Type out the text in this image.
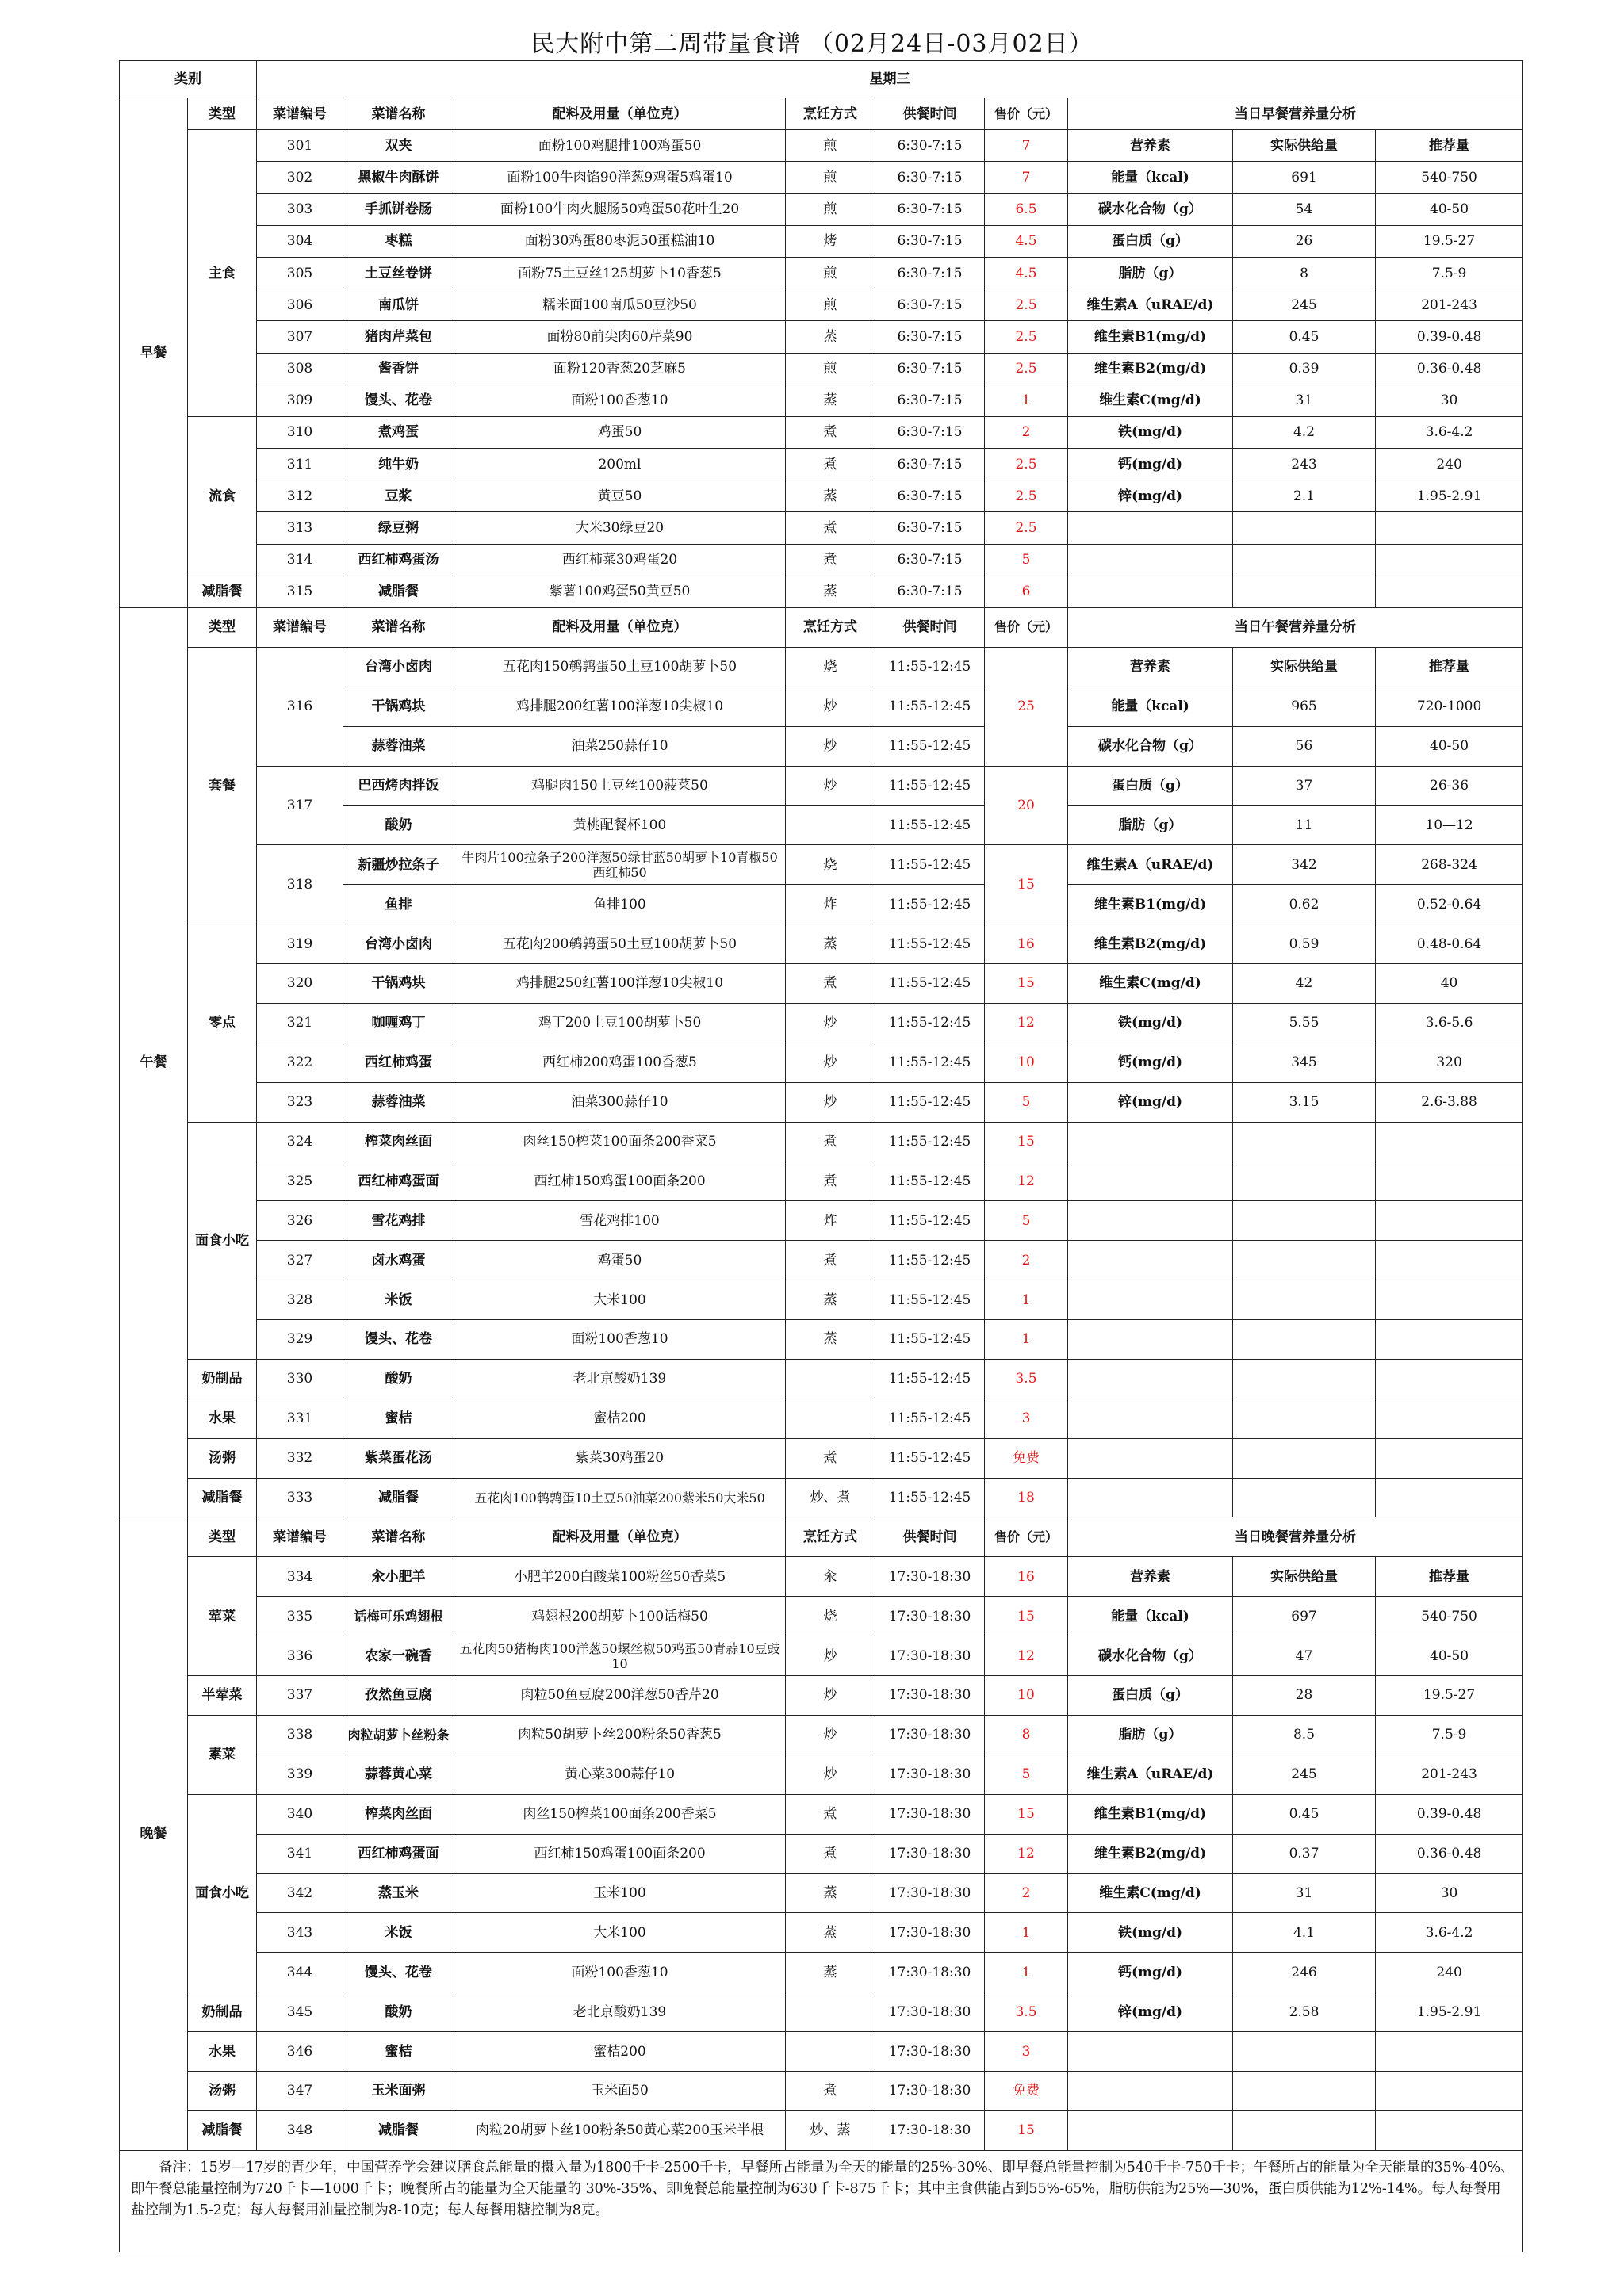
民大附中第二周带量食谱 （02月24日-03月02日）
类别		星期三								
早餐	类型	菜谱编号	菜谱名称	配料及用量（单位克）	烹饪方式	供餐时间	售价（元）	当日早餐营养量分析		
	主食	301	双夹	面粉100鸡腿排100鸡蛋50	煎	6:30-7:15	7	营养素	实际供给量	推荐量
		302	黑椒牛肉酥饼	面粉100牛肉馅90洋葱9鸡蛋5鸡蛋10	煎	6:30-7:15	7	能量（kcal)	691	540-750
		303	手抓饼卷肠	面粉100牛肉火腿肠50鸡蛋50花叶生20	煎	6:30-7:15	6.5	碳水化合物（g）	54	40-50
		304	枣糕	面粉30鸡蛋80枣泥50蛋糕油10	烤	6:30-7:15	4.5	蛋白质（g）	26	19.5-27
		305	土豆丝卷饼	面粉75土豆丝125胡萝卜10香葱5	煎	6:30-7:15	4.5	脂肪（g）	8	7.5-9
		306	南瓜饼	糯米面100南瓜50豆沙50	煎	6:30-7:15	2.5	维生素A（uRAE/d)	245	201-243
		307	猪肉芹菜包	面粉80前尖肉60芹菜90	蒸	6:30-7:15	2.5	维生素B1(mg/d)	0.45	0.39-0.48
		308	酱香饼	面粉120香葱20芝麻5	煎	6:30-7:15	2.5	维生素B2(mg/d)	0.39	0.36-0.48
		309	馒头、花卷	面粉100香葱10	蒸	6:30-7:15	1	维生素C(mg/d)	31	30
	流食	310	煮鸡蛋	鸡蛋50	煮	6:30-7:15	2	铁(mg/d)	4.2	3.6-4.2
		311	纯牛奶	200ml	煮	6:30-7:15	2.5	钙(mg/d)	243	240
		312	豆浆	黄豆50	蒸	6:30-7:15	2.5	锌(mg/d)	2.1	1.95-2.91
		313	绿豆粥	大米30绿豆20	煮	6:30-7:15	2.5			
		314	西红柿鸡蛋汤	西红柿菜30鸡蛋20	煮	6:30-7:15	5			
	减脂餐	315	减脂餐	紫薯100鸡蛋50黄豆50	蒸	6:30-7:15	6			

午餐	类型	菜谱编号	菜谱名称	配料及用量（单位克）	烹饪方式	供餐时间	售价（元）	当日午餐营养量分析		
	套餐	316	台湾小卤肉	五花肉150鹌鹑蛋50土豆100胡萝卜50	烧	11:55-12:45	25	营养素	实际供给量	推荐量
			干锅鸡块	鸡排腿200红薯100洋葱10尖椒10	炒	11:55-12:45		能量（kcal)	965	720-1000
			蒜蓉油菜	油菜250蒜仔10	炒	11:55-12:45		碳水化合物（g）	56	40-50
		317	巴西烤肉拌饭	鸡腿肉150土豆丝100菠菜50	炒	11:55-12:45	20	蛋白质（g）	37	26-36
			酸奶	黄桃配餐杯100		11:55-12:45		脂肪（g）	11	10—12
		318	新疆炒拉条子	牛肉片100拉条子200洋葱50绿甘蓝50胡萝卜10青椒50西红柿50	烧	11:55-12:45	15	维生素A（uRAE/d)	342	268-324
			鱼排	鱼排100	炸	11:55-12:45		维生素B1(mg/d)	0.62	0.52-0.64
	零点	319	台湾小卤肉	五花肉200鹌鹑蛋50土豆100胡萝卜50	蒸	11:55-12:45	16	维生素B2(mg/d)	0.59	0.48-0.64
		320	干锅鸡块	鸡排腿250红薯100洋葱10尖椒10	煮	11:55-12:45	15	维生素C(mg/d)	42	40
		321	咖喱鸡丁	鸡丁200土豆100胡萝卜50	炒	11:55-12:45	12	铁(mg/d)	5.55	3.6-5.6
		322	西红柿鸡蛋	西红柿200鸡蛋100香葱5	炒	11:55-12:45	10	钙(mg/d)	345	320
		323	蒜蓉油菜	油菜300蒜仔10	炒	11:55-12:45	5	锌(mg/d)	3.15	2.6-3.88
	面食小吃	324	榨菜肉丝面	肉丝150榨菜100面条200香菜5	煮	11:55-12:45	15			
		325	西红柿鸡蛋面	西红柿150鸡蛋100面条200	煮	11:55-12:45	12			
		326	雪花鸡排	雪花鸡排100	炸	11:55-12:45	5			
		327	卤水鸡蛋	鸡蛋50	煮	11:55-12:45	2			
		328	米饭	大米100	蒸	11:55-12:45	1			
		329	馒头、花卷	面粉100香葱10	蒸	11:55-12:45	1			
	奶制品	330	酸奶	老北京酸奶139		11:55-12:45	3.5			
	水果	331	蜜桔	蜜桔200		11:55-12:45	3			
	汤粥	332	紫菜蛋花汤	紫菜30鸡蛋20	煮	11:55-12:45	免费			
	减脂餐	333	减脂餐	五花肉100鹌鹑蛋10土豆50油菜200紫米50大米50	炒、煮	11:55-12:45	18			
晚餐	类型	菜谱编号	菜谱名称	配料及用量（单位克）	烹饪方式	供餐时间	售价（元）	当日晚餐营养量分析		
	荤菜	334	汆小肥羊	小肥羊200白酸菜100粉丝50香菜5	汆	17:30-18:30	16	营养素	实际供给量	推荐量
		335	话梅可乐鸡翅根	鸡翅根200胡萝卜100话梅50	烧	17:30-18:30	15	能量（kcal)	697	540-750
		336	农家一碗香	五花肉50猪梅肉100洋葱50螺丝椒50鸡蛋50青蒜10豆豉10	炒	17:30-18:30	12	碳水化合物（g）	47	40-50
	半荤菜	337	孜然鱼豆腐	肉粒50鱼豆腐200洋葱50香芹20	炒	17:30-18:30	10	蛋白质（g）	28	19.5-27
	素菜	338	肉粒胡萝卜丝粉条	肉粒50胡萝卜丝200粉条50香葱5	炒	17:30-18:30	8	脂肪（g）	8.5	7.5-9
		339	蒜蓉黄心菜	黄心菜300蒜仔10	炒	17:30-18:30	5	维生素A（uRAE/d)	245	201-243
	面食小吃	340	榨菜肉丝面	肉丝150榨菜100面条200香菜5	煮	17:30-18:30	15	维生素B1(mg/d)	0.45	0.39-0.48
		341	西红柿鸡蛋面	西红柿150鸡蛋100面条200	煮	17:30-18:30	12	维生素B2(mg/d)	0.37	0.36-0.48
		342	蒸玉米	玉米100	蒸	17:30-18:30	2	维生素C(mg/d)	31	30
		343	米饭	大米100	蒸	17:30-18:30	1	铁(mg/d)	4.1	3.6-4.2
		344	馒头、花卷	面粉100香葱10	蒸	17:30-18:30	1	钙(mg/d)	246	240
	奶制品	345	酸奶	老北京酸奶139		17:30-18:30	3.5	锌(mg/d)	2.58	1.95-2.91
	水果	346	蜜桔	蜜桔200		17:30-18:30	3			
	汤粥	347	玉米面粥	玉米面50	煮	17:30-18:30	免费			
	减脂餐	348	减脂餐	肉粒20胡萝卜丝100粉条50黄心菜200玉米半根	炒、蒸	17:30-18:30	15			
备注：15岁—17岁的青少年，中国营养学会建议膳食总能量的摄入量为1800千卡-2500千卡，早餐所占能量为全天的能量的25%-30%、即早餐总能量控制为540千卡-750千卡；午餐所占的能量为全天能量的35%-40%、即午餐总能量控制为720千卡—1000千卡；晚餐所占的能量为全天能量的 30%-35%、即晚餐总能量控制为630千卡-875千卡；其中主食供能占到55%-65%，脂肪供能为25%—30%，蛋白质供能为12%-14%。每人每餐用盐控制为1.5-2克；每人每餐用油量控制为8-10克；每人每餐用糖控制为8克。										
